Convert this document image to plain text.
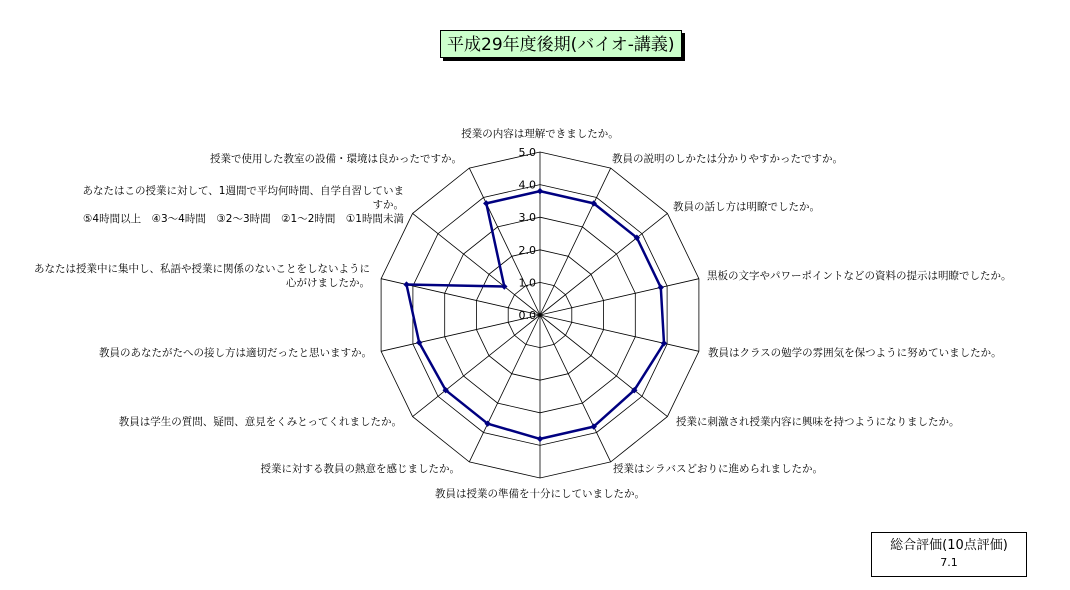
平成29年度後期(バイオ-講義)
0.0
1.0
2.0
3.0
4.0
5.0
授業の内容は理解できましたか。
教員の説明のしかたは分かりやすかったですか。
教員の話し方は明瞭でしたか。
黒板の文字やパワーポイントなどの資料の提示は明瞭でしたか。
教員はクラスの勉学の雰囲気を保つように努めていましたか。
授業に刺激され授業内容に興味を持つようになりましたか。
授業はシラバスどおりに進められましたか。
教員は授業の準備を十分にしていましたか。
授業に対する教員の熱意を感じましたか。
教員は学生の質問、疑問、意見をくみとってくれましたか。
教員のあなたがたへの接し方は適切だったと思いますか。
あなたは授業中に集中し、私語や授業に関係のないことをしないように心がけましたか。
あなたはこの授業に対して、1週間で平均何時間、自学自習していますか。 ⑤4時間以上　④3～4時間　③2～3時間　②1～2時間　①1時間未満
授業で使用した教室の設備・環境は良かったですか。
総合評価(10点評価)
7.1
